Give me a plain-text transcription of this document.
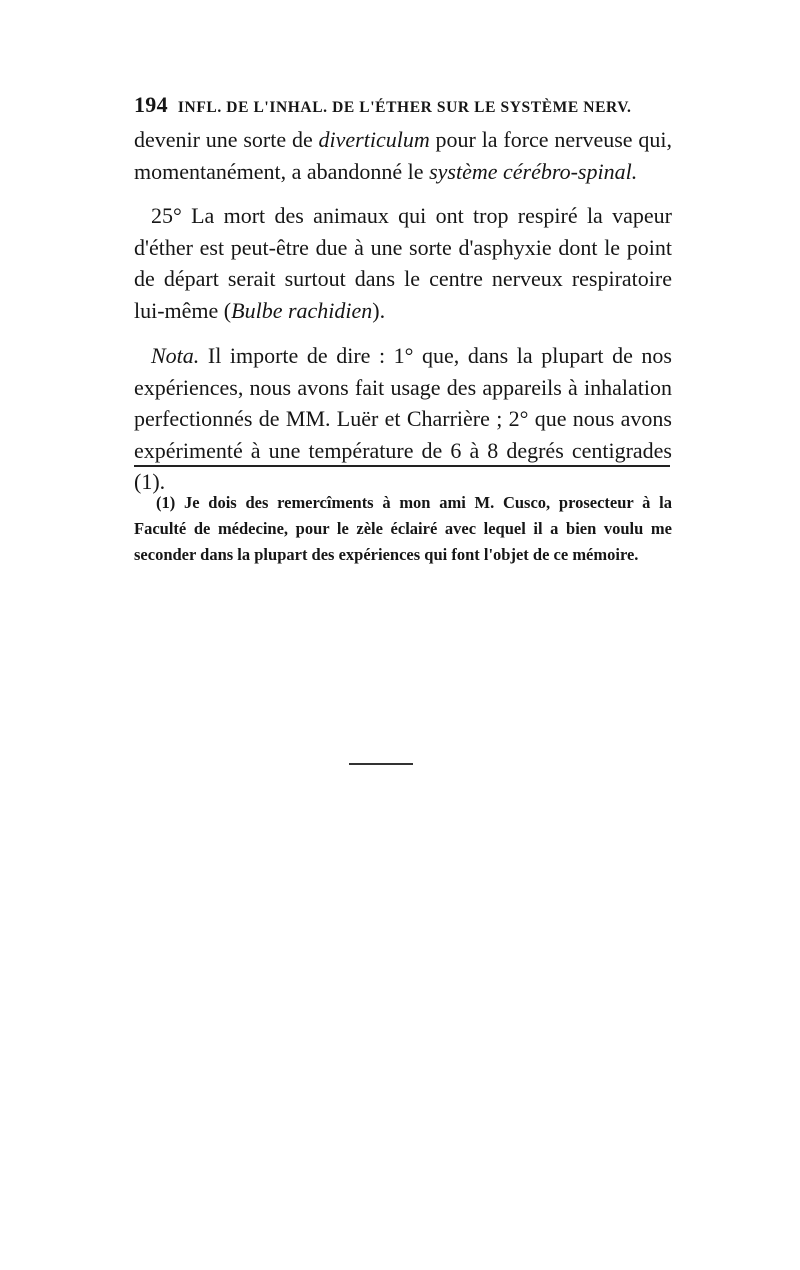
194 INFL. DE L'INHAL. DE L'ÉTHER SUR LE SYSTÈME NERV.

devenir une sorte de diverticulum pour la force nerveuse qui, momentanément, a abandonné le système cérébro-spinal.

25° La mort des animaux qui ont trop respiré la vapeur d'éther est peut-être due à une sorte d'asphyxie dont le point de départ serait surtout dans le centre nerveux respiratoire lui-même (Bulbe rachidien).

Nota. Il importe de dire : 1° que, dans la plupart de nos expériences, nous avons fait usage des appareils à inhalation perfectionnés de MM. Luër et Charrière ; 2° que nous avons expérimenté à une température de 6 à 8 degrés centigrades (1).

(1) Je dois des remercîments à mon ami M. Cusco, prosecteur à la Faculté de médecine, pour le zèle éclairé avec lequel il a bien voulu me seconder dans la plupart des expériences qui font l'objet de ce mémoire.
